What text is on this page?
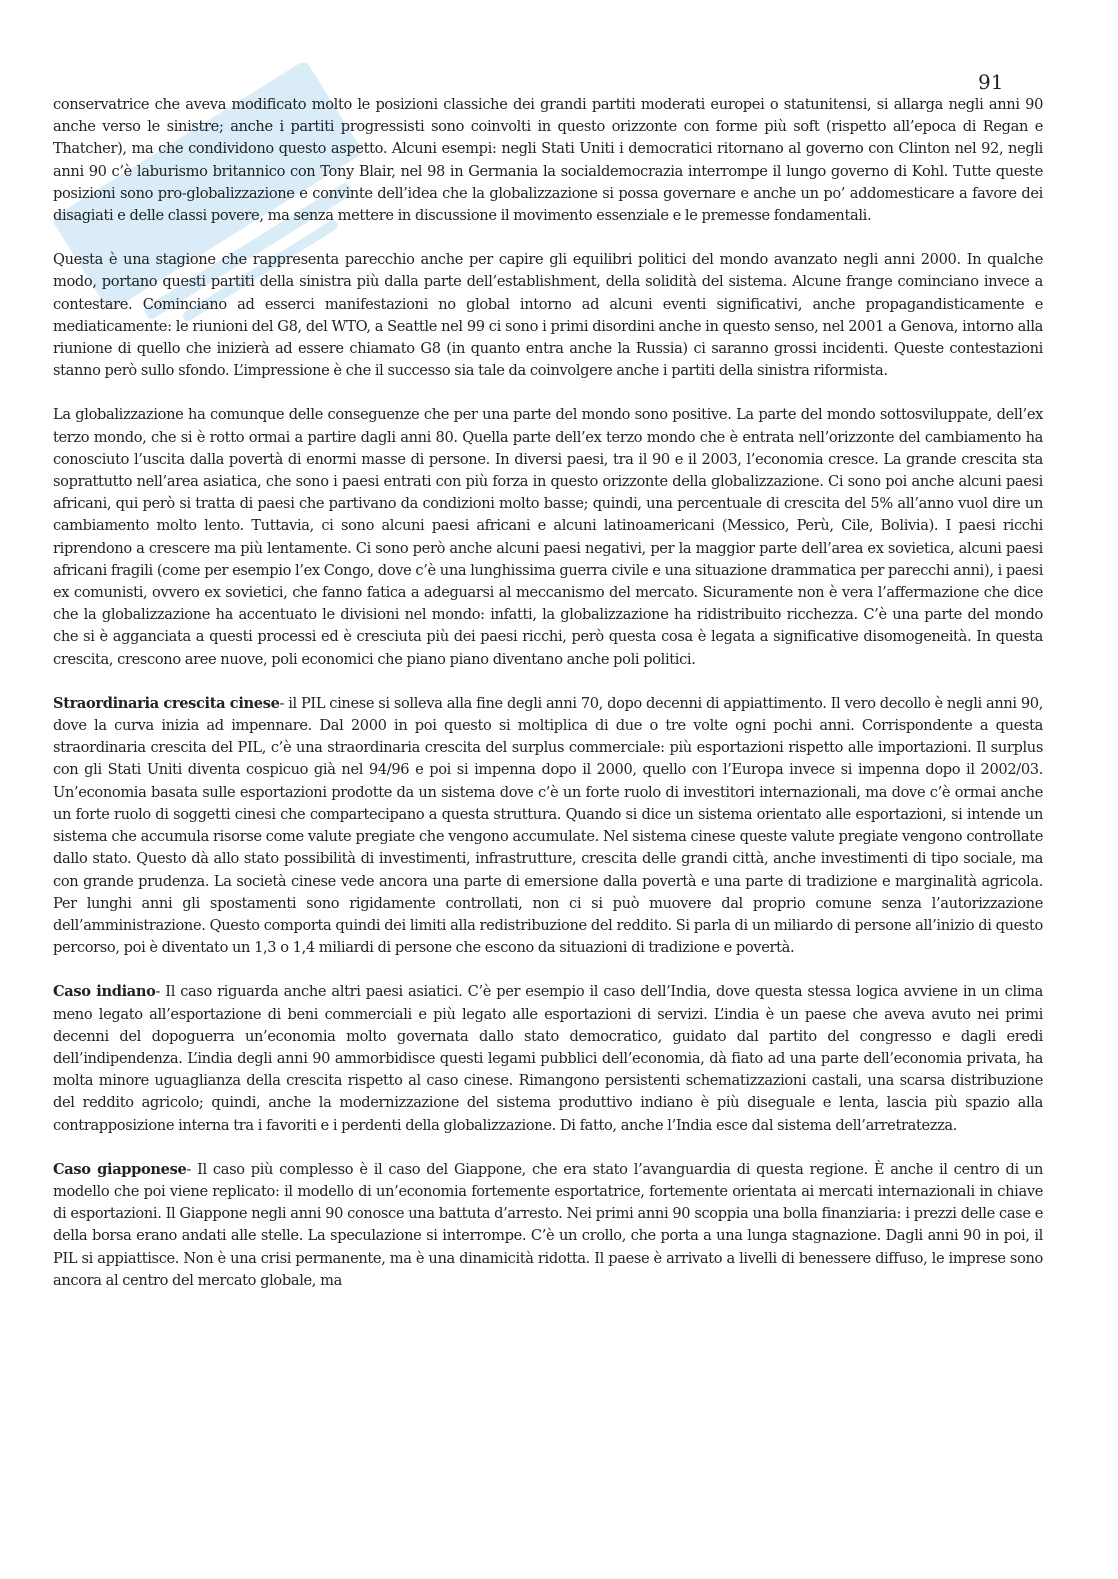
91

conservatrice che aveva modificato molto le posizioni classiche dei grandi partiti moderati europei o statunitensi, si allarga negli anni 90 anche verso le sinistre; anche i partiti progressisti sono coinvolti in questo orizzonte con forme più soft (rispetto all’epoca di Regan e Thatcher), ma che condividono questo aspetto. Alcuni esempi: negli Stati Uniti i democratici ritornano al governo con Clinton nel 92, negli anni 90 c’è laburismo britannico con Tony Blair, nel 98 in Germania la socialdemocrazia interrompe il lungo governo di Kohl. Tutte queste posizioni sono pro-globalizzazione e convinte dell’idea che la globalizzazione si possa governare e anche un po’ addomesticare a favore dei disagiati e delle classi povere, ma senza mettere in discussione il movimento essenziale e le premesse fondamentali.

Questa è una stagione che rappresenta parecchio anche per capire gli equilibri politici del mondo avanzato negli anni 2000. In qualche modo, portano questi partiti della sinistra più dalla parte dell’establishment, della solidità del sistema. Alcune frange cominciano invece a contestare. Cominciano ad esserci manifestazioni no global intorno ad alcuni eventi significativi, anche propagandisticamente e mediaticamente: le riunioni del G8, del WTO, a Seattle nel 99 ci sono i primi disordini anche in questo senso, nel 2001 a Genova, intorno alla riunione di quello che inizierà ad essere chiamato G8 (in quanto entra anche la Russia) ci saranno grossi incidenti. Queste contestazioni stanno però sullo sfondo. L’impressione è che il successo sia tale da coinvolgere anche i partiti della sinistra riformista.

La globalizzazione ha comunque delle conseguenze che per una parte del mondo sono positive. La parte del mondo sottosviluppate, dell’ex terzo mondo, che si è rotto ormai a partire dagli anni 80. Quella parte dell’ex terzo mondo che è entrata nell’orizzonte del cambiamento ha conosciuto l’uscita dalla povertà di enormi masse di persone. In diversi paesi, tra il 90 e il 2003, l’economia cresce. La grande crescita sta soprattutto nell’area asiatica, che sono i paesi entrati con più forza in questo orizzonte della globalizzazione. Ci sono poi anche alcuni paesi africani, qui però si tratta di paesi che partivano da condizioni molto basse; quindi, una percentuale di crescita del 5% all’anno vuol dire un cambiamento molto lento. Tuttavia, ci sono alcuni paesi africani e alcuni latinoamericani (Messico, Perù, Cile, Bolivia). I paesi ricchi riprendono a crescere ma più lentamente. Ci sono però anche alcuni paesi negativi, per la maggior parte dell’area ex sovietica, alcuni paesi africani fragili (come per esempio l’ex Congo, dove c’è una lunghissima guerra civile e una situazione drammatica per parecchi anni), i paesi ex comunisti, ovvero ex sovietici, che fanno fatica a adeguarsi al meccanismo del mercato. Sicuramente non è vera l’affermazione che dice che la globalizzazione ha accentuato le divisioni nel mondo: infatti, la globalizzazione ha ridistribuito ricchezza. C’è una parte del mondo che si è agganciata a questi processi ed è cresciuta più dei paesi ricchi, però questa cosa è legata a significative disomogeneità. In questa crescita, crescono aree nuove, poli economici che piano piano diventano anche poli politici.

Straordinaria crescita cinese- il PIL cinese si solleva alla fine degli anni 70, dopo decenni di appiattimento. Il vero decollo è negli anni 90, dove la curva inizia ad impennare. Dal 2000 in poi questo si moltiplica di due o tre volte ogni pochi anni. Corrispondente a questa straordinaria crescita del PIL, c’è una straordinaria crescita del surplus commerciale: più esportazioni rispetto alle importazioni. Il surplus con gli Stati Uniti diventa cospicuo già nel 94/96 e poi si impenna dopo il 2000, quello con l’Europa invece si impenna dopo il 2002/03. Un’economia basata sulle esportazioni prodotte da un sistema dove c’è un forte ruolo di investitori internazionali, ma dove c’è ormai anche un forte ruolo di soggetti cinesi che compartecipano a questa struttura. Quando si dice un sistema orientato alle esportazioni, si intende un sistema che accumula risorse come valute pregiate che vengono accumulate. Nel sistema cinese queste valute pregiate vengono controllate dallo stato. Questo dà allo stato possibilità di investimenti, infrastrutture, crescita delle grandi città, anche investimenti di tipo sociale, ma con grande prudenza. La società cinese vede ancora una parte di emersione dalla povertà e una parte di tradizione e marginalità agricola. Per lunghi anni gli spostamenti sono rigidamente controllati, non ci si può muovere dal proprio comune senza l’autorizzazione dell’amministrazione. Questo comporta quindi dei limiti alla redistribuzione del reddito. Si parla di un miliardo di persone all’inizio di questo percorso, poi è diventato un 1,3 o 1,4 miliardi di persone che escono da situazioni di tradizione e povertà.

Caso indiano- Il caso riguarda anche altri paesi asiatici. C’è per esempio il caso dell’India, dove questa stessa logica avviene in un clima meno legato all’esportazione di beni commerciali e più legato alle esportazioni di servizi. L’india è un paese che aveva avuto nei primi decenni del dopoguerra un’economia molto governata dallo stato democratico, guidato dal partito del congresso e dagli eredi dell’indipendenza. L’india degli anni 90 ammorbidisce questi legami pubblici dell’economia, dà fiato ad una parte dell’economia privata, ha molta minore uguaglianza della crescita rispetto al caso cinese. Rimangono persistenti schematizzazioni castali, una scarsa distribuzione del reddito agricolo; quindi, anche la modernizzazione del sistema produttivo indiano è più diseguale e lenta, lascia più spazio alla contrapposizione interna tra i favoriti e i perdenti della globalizzazione. Di fatto, anche l’India esce dal sistema dell’arretratezza.

Caso giapponese- Il caso più complesso è il caso del Giappone, che era stato l’avanguardia di questa regione. È anche il centro di un modello che poi viene replicato: il modello di un’economia fortemente esportatrice, fortemente orientata ai mercati internazionali in chiave di esportazioni. Il Giappone negli anni 90 conosce una battuta d’arresto. Nei primi anni 90 scoppia una bolla finanziaria: i prezzi delle case e della borsa erano andati alle stelle. La speculazione si interrompe. C’è un crollo, che porta a una lunga stagnazione. Dagli anni 90 in poi, il PIL si appiattisce. Non è una crisi permanente, ma è una dinamicità ridotta. Il paese è arrivato a livelli di benessere diffuso, le imprese sono ancora al centro del mercato globale, ma
